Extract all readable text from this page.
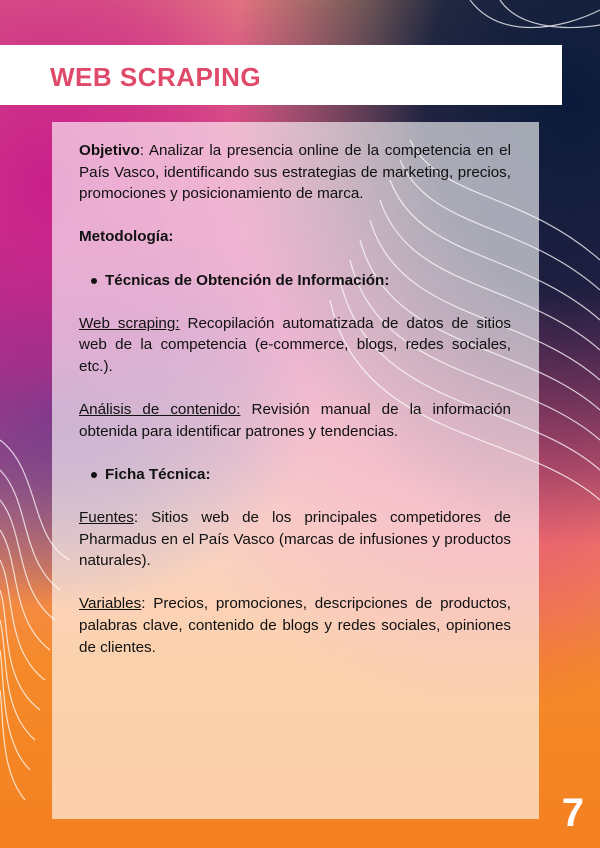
WEB SCRAPING

Objetivo: Analizar la presencia online de la competencia en el País Vasco, identificando sus estrategias de marketing, precios, promociones y posicionamiento de marca.

Metodología:

Técnicas de Obtención de Información:

Web scraping: Recopilación automatizada de datos de sitios web de la competencia (e-commerce, blogs, redes sociales, etc.).

Análisis de contenido: Revisión manual de la información obtenida para identificar patrones y tendencias.

Ficha Técnica:

Fuentes: Sitios web de los principales competidores de Pharmadus en el País Vasco (marcas de infusiones y productos naturales).

Variables: Precios, promociones, descripciones de productos, palabras clave, contenido de blogs y redes sociales, opiniones de clientes.

7
